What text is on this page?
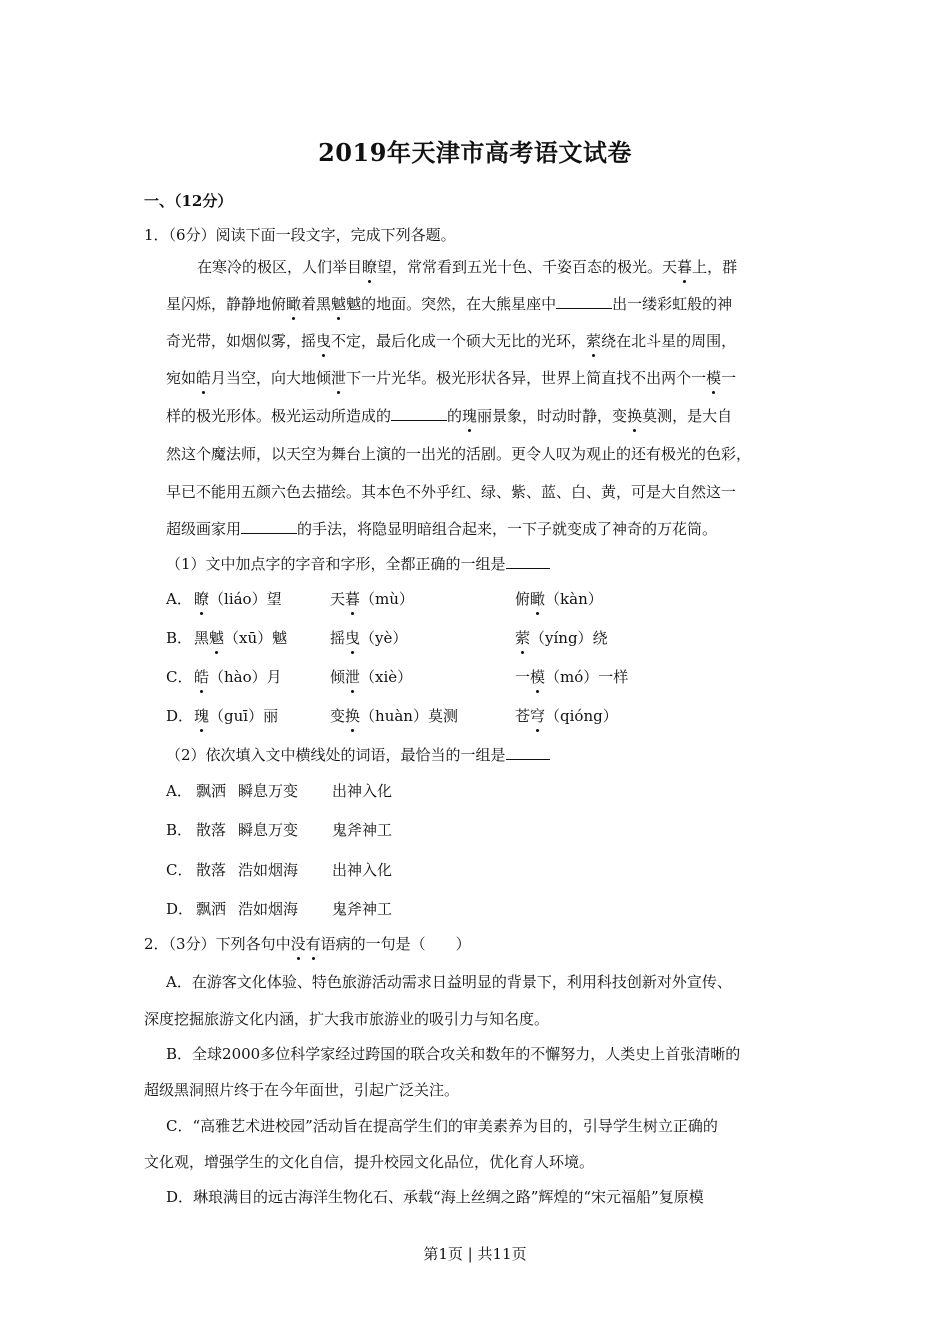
2019年天津市高考语文试卷
一、（12分）
1．（6分）阅读下面一段文字，完成下列各题。
在寒冷的极区，人们举目瞭望，常常看到五光十色、千姿百态的极光。天暮上，群
星闪烁，静静地俯瞰着黑魆魆的地面。突然，在大熊星座中	出一缕彩虹般的神
奇光带，如烟似雾，摇曳不定，最后化成一个硕大无比的光环，萦绕在北斗星的周围，
宛如皓月当空，向大地倾泄下一片光华。极光形状各异，世界上简直找不出两个一模一
样的极光形体。极光运动所造成的	的瑰丽景象，时动时静，变换莫测，是大自
然这个魔法师，以天空为舞台上演的一出光的活剧。更令人叹为观止的还有极光的色彩，
早已不能用五颜六色去描绘。其本色不外乎红、绿、紫、蓝、白、黄，可是大自然这一
超级画家用	的手法，将隐显明暗组合起来，一下子就变成了神奇的万花筒。
（1）文中加点字的字音和字形，全都正确的一组是
A． 瞭（liáo）望	天暮（mù）	俯瞰（kàn）
B． 黑魆（xū）魆	摇曳（yè）	萦（yíng）绕
C． 皓（hào）月	倾泄（xiè）	一模（mó）一样
D． 瑰（guī）丽	变换（huàn）莫测	苍穹（qióng）
（2）依次填入文中横线处的词语，最恰当的一组是
A． 飘洒 瞬息万变 出神入化
B． 散落 瞬息万变 鬼斧神工
C． 散落 浩如烟海 出神入化
D． 飘洒 浩如烟海 鬼斧神工
2．（3分）下列各句中没有语病的一句是（　　）
A．在游客文化体验、特色旅游活动需求日益明显的背景下，利用科技创新对外宣传、
深度挖掘旅游文化内涵，扩大我市旅游业的吸引力与知名度。
B．全球2000多位科学家经过跨国的联合攻关和数年的不懈努力，人类史上首张清晰的
超级黑洞照片终于在今年面世，引起广泛关注。
C．“高雅艺术进校园”活动旨在提高学生们的审美素养为目的，引导学生树立正确的
文化观，增强学生的文化自信，提升校园文化品位，优化育人环境。
D．琳琅满目的远古海洋生物化石、承载“海上丝绸之路”辉煌的“宋元福船”复原模
第1页 | 共11页
